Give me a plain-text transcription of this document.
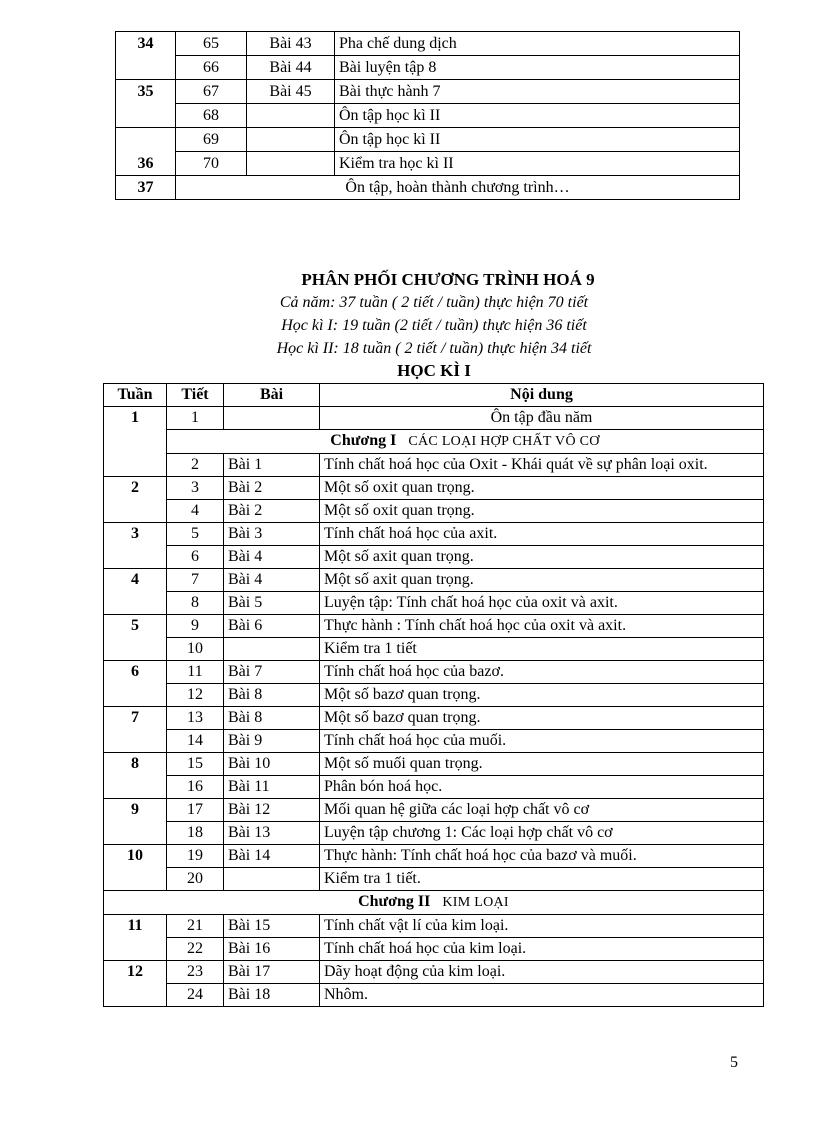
34	65	Bài 43	Pha chế dung dịch
	66	Bài 44	Bài luyện tập 8
35	67	Bài 45	Bài thực hành 7
	68		Ôn tập học kì II
36	69		Ôn tập học kì II
	70		Kiểm tra học kì II
37	Ôn tập, hoàn thành chương trình…		
PHÂN PHỐI CHƯƠNG TRÌNH HOÁ 9
Cả năm: 37 tuần ( 2 tiết / tuần) thực hiện 70 tiết
Học kì I: 19 tuần (2 tiết / tuần) thực hiện 36 tiết
Học kì II: 18 tuần ( 2 tiết / tuần) thực hiện 34 tiết
HỌC KÌ I
Tuần	Tiết	Bài	Nội dung
1	1		Ôn tập đầu năm
	Chương I CÁC LOẠI HỢP CHẤT VÔ CƠ		
	2	Bài 1	Tính chất hoá học của Oxit - Khái quát về sự phân loại oxit.
2	3	Bài 2	Một số oxit quan trọng.
	4	Bài 2	Một số oxit quan trọng.
3	5	Bài 3	Tính chất hoá học của axit.
	6	Bài 4	Một số axit quan trọng.
4	7	Bài 4	Một số axit quan trọng.
	8	Bài 5	Luyện tập: Tính chất hoá học của oxit và axit.
5	9	Bài 6	Thực hành : Tính chất hoá học của oxit và axit.
	10		Kiểm tra 1 tiết
6	11	Bài 7	Tính chất hoá học của bazơ.
	12	Bài 8	Một số bazơ quan trọng.
7	13	Bài 8	Một số bazơ quan trọng.
	14	Bài 9	Tính chất hoá học của muối.
8	15	Bài 10	Một số muối quan trọng.
	16	Bài 11	Phân bón hoá học.
9	17	Bài 12	Mối quan hệ giữa các loại hợp chất vô cơ
	18	Bài 13	Luyện tập chương 1: Các loại hợp chất vô cơ
10	19	Bài 14	Thực hành: Tính chất hoá học của bazơ và muối.
	20		Kiểm tra 1 tiết.
Chương II KIM LOẠI			
11	21	Bài 15	Tính chất vật lí của kim loại.
	22	Bài 16	Tính chất hoá học của kim loại.
12	23	Bài 17	Dãy hoạt động của kim loại.
	24	Bài 18	Nhôm.
5
